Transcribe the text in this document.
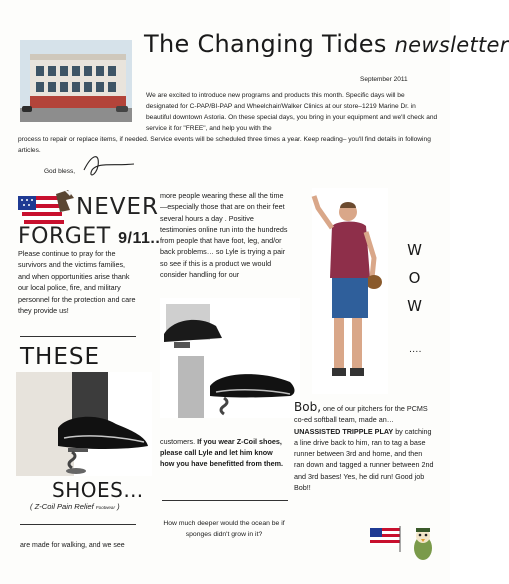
The Changing Tides newsletter
September 2011
We are excited to introduce new programs and products this month. Specific days will be designated for C-PAP/BI-PAP and Wheelchair/Walker Clinics at our store–1219 Marine Dr. in beautiful downtown Astoria. On these special days, you bring in your equipment and we'll check and service it for "FREE", and help you with the
process to repair or replace items, if needed. Service events will be scheduled three times a year. Keep reading– you'll find details in following articles.
God bless,
NEVER
FORGET 9/11..
Please continue to pray for the survivors and the victims families, and when opportunities arise thank our local police, fire, and military personnel for the protection and care they provide us!
THESE
SHOES…
( Z-Coil Pain Relief Footwear )
are made for walking, and we see
more people wearing these all the time—especially those that are on their feet several hours a day . Positive testimonies online run into the hundreds from people that have foot, leg, and/or back problems… so Lyle is trying a pair so see if this is a product we would consider handling for our
customers. If you wear Z-Coil shoes, please call Lyle and let him know how you have benefitted from them.
How much deeper would the ocean be if sponges didn't grow in it?
W
O
W
….
Bob, one of our pitchers for the PCMS co-ed softball team, made an… UNASSISTED TRIPPLE PLAY by catching a line drive back to him, ran to tag a base runner between 3rd and home, and then ran down and tagged a runner between 2nd and 3rd bases! Yes, he did run! Good job Bob!!
